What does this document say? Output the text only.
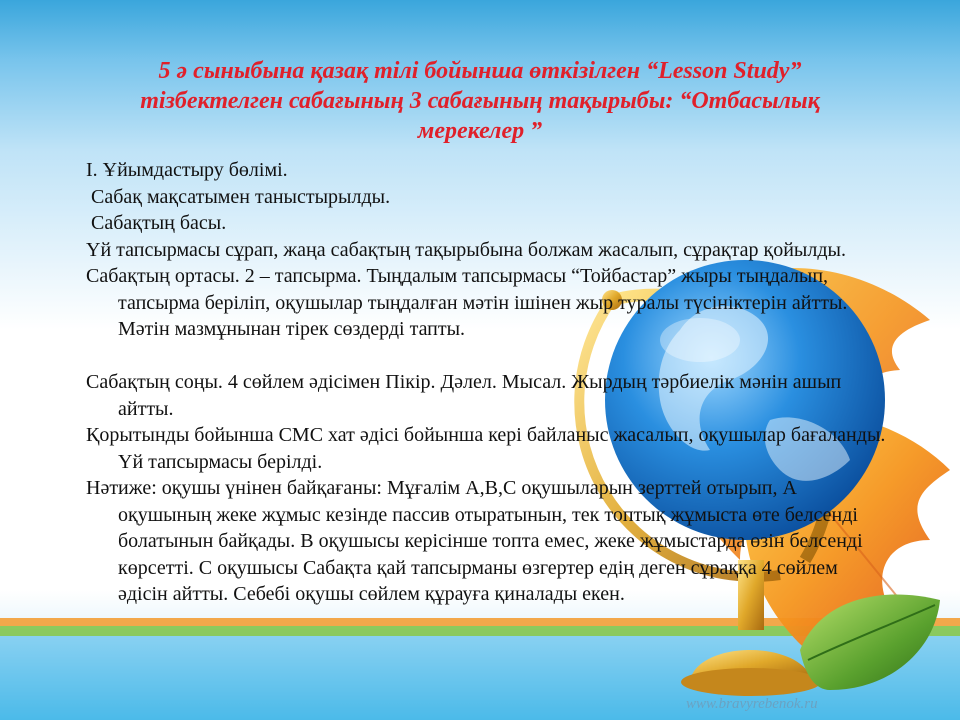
5 ә сыныбына қазақ тілі бойынша өткізілген “Lesson Study”
тізбектелген сабағының 3 сабағының тақырыбы: “Отбасылық
мерекелер ”

I. Ұйымдастыру бөлімі.

Сабақ мақсатымен таныстырылды.

Сабақтың басы.

Үй тапсырмасы сұрап, жаңа сабақтың тақырыбына болжам жасалып, сұрақтар қойылды.

Сабақтың ортасы. 2 – тапсырма. Тыңдалым тапсырмасы “Тойбастар” жыры тыңдалып, тапсырма беріліп, оқушылар тыңдалған мәтін ішінен жыр туралы түсініктерін айтты. Мәтін мазмұнынан тірек сөздерді тапты.

Сабақтың соңы. 4 сөйлем әдісімен Пікір. Дәлел. Мысал. Жырдың тәрбиелік мәнін ашып айтты.

Қорытынды бойынша СМС хат әдісі бойынша кері байланыс жасалып, оқушылар бағаланды. Үй тапсырмасы берілді.

Нәтиже: оқушы үнінен байқағаны: Мұғалім А,В,С оқушыларын зерттей отырып, А оқушының жеке жұмыс кезінде пассив отыратынын, тек топтық жұмыста өте белсенді болатынын байқады. В оқушысы керісінше топта емес, жеке жұмыстарда өзін белсенді көрсетті. С оқушысы Сабақта қай тапсырманы өзгертер едің деген сұраққа 4 сөйлем әдісін айтты. Себебі оқушы сөйлем құрауға қиналады екен.

www.bravyrebenok.ru
